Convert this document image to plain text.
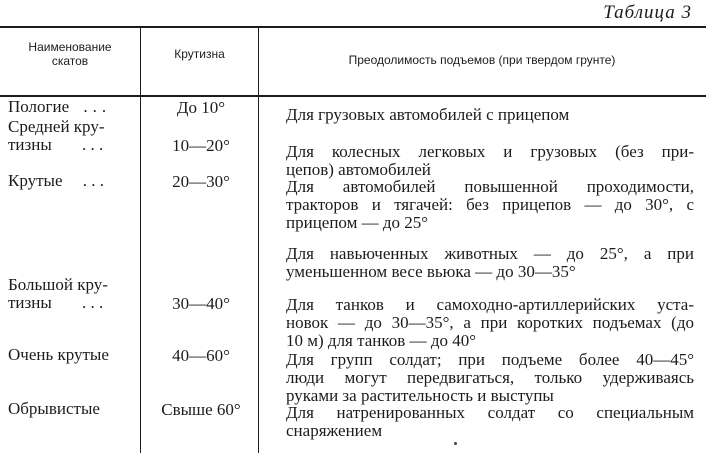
Таблица 3
Наименование
скатов	Крутизна	Преодолимость подъемов (при твердом грунте)
Пологие ...
Средней кру-
тизны . . .
Крутые . . .
Большой кру-
тизны . . .
Очень крутые
Обрывистые
До 10°
10—20°
20—30°
30—40°
40—60°
Свыше 60°
Для грузовых автомобилей с прицепом
Для колесных легковых и грузовых (без при-
цепов) автомобилей
Для автомобилей повышенной проходимости,
тракторов и тягачей: без прицепов — до 30°, с
прицепом — до 25°
Для навьюченных животных — до 25°, а при
уменьшенном весе вьюка — до 30—35°
Для танков и самоходно-артиллерийских уста-
новок — до 30—35°, а при коротких подъемах (до
10 м) для танков — до 40°
Для групп солдат; при подъеме более 40—45°
люди могут передвигаться, только удерживаясь
руками за растительность и выступы
Для натренированных солдат со специальным
снаряжением
